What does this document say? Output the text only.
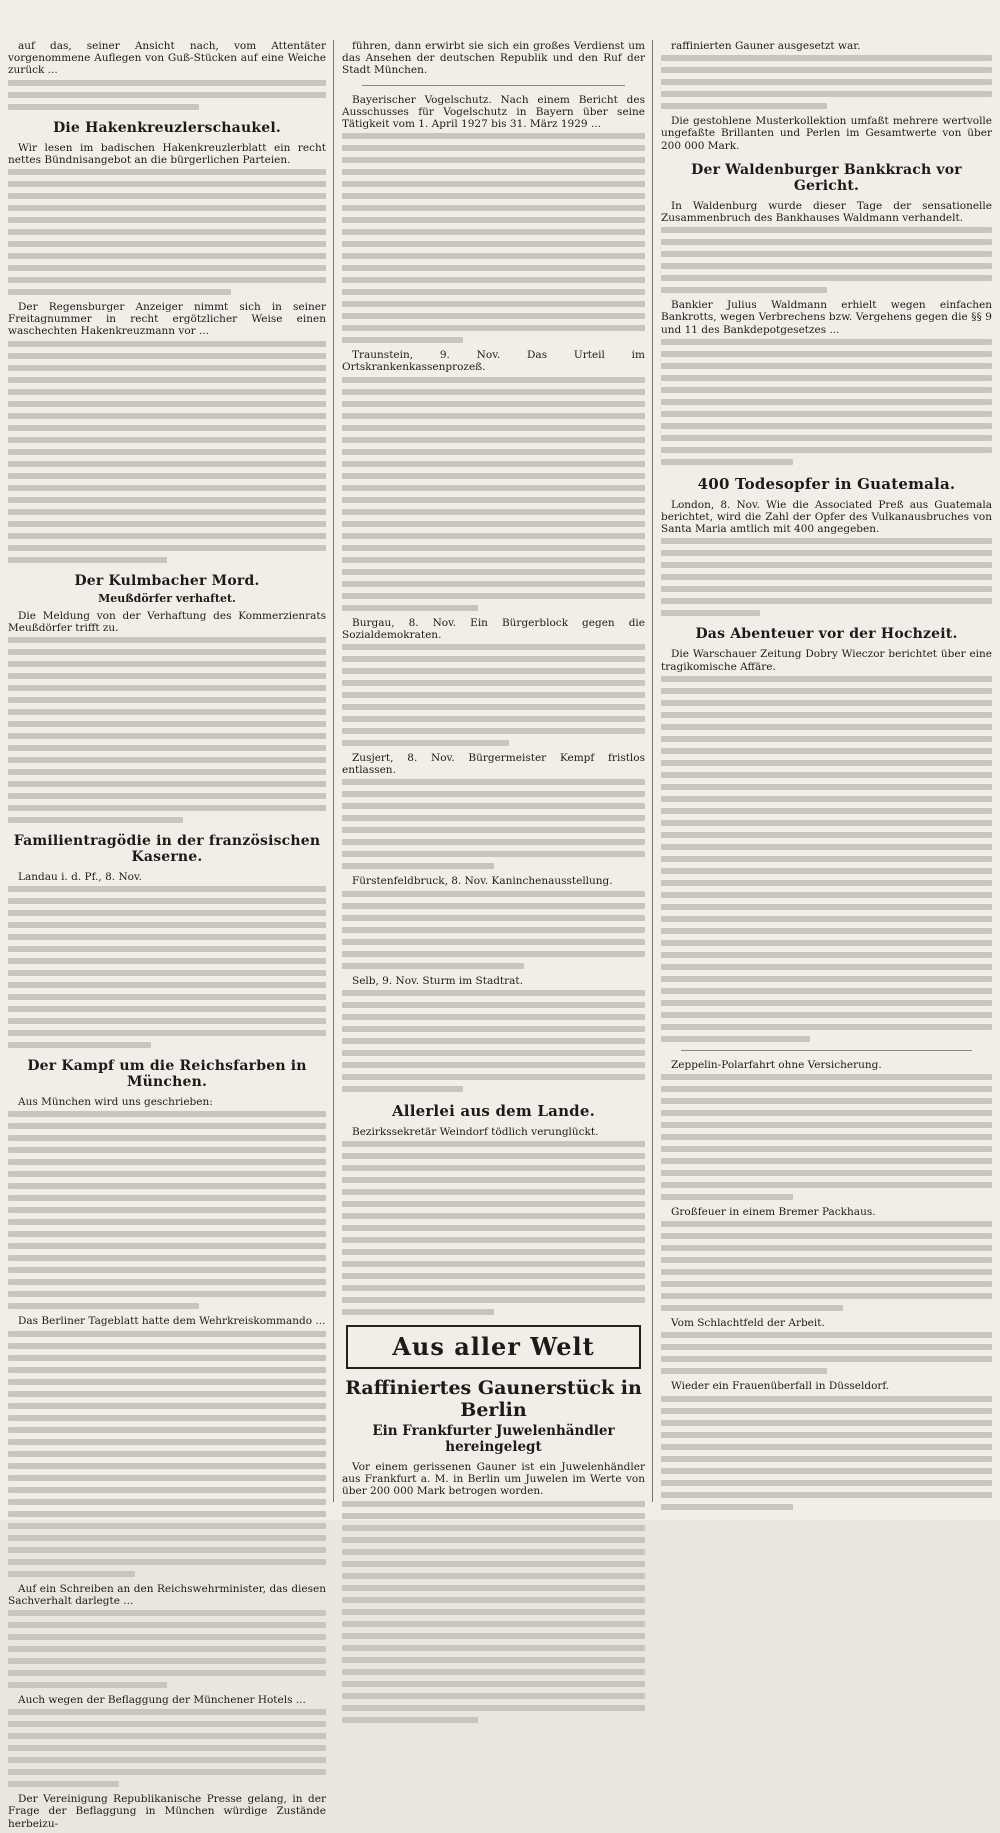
auf das, seiner Ansicht nach, vom Attentäter vorgenommene Auflegen von Guß-Stücken auf eine Weiche zurück ...

Die Hakenkreuzlerschaukel.

Wir lesen im badischen Hakenkreuzlerblatt ein recht nettes Bündnisangebot an die bürgerlichen Parteien.

Der Regensburger Anzeiger nimmt sich in seiner Freitagnummer in recht ergötzlicher Weise einen waschechten Hakenkreuzmann vor ...

Der Kulmbacher Mord.
Meußdörfer verhaftet.

Die Meldung von der Verhaftung des Kommerzienrats Meußdörfer trifft zu.

Familientragödie in der französischen Kaserne.

Landau i. d. Pf., 8. Nov.

Der Kampf um die Reichsfarben in München.

Aus München wird uns geschrieben:

Das Berliner Tageblatt hatte dem Wehrkreiskommando ...

Auf ein Schreiben an den Reichswehrminister, das diesen Sachverhalt darlegte ...

Auch wegen der Beflaggung der Münchener Hotels ...

Der Vereinigung Republikanische Presse gelang, in der Frage der Beflaggung in München würdige Zustände herbeizu-

führen, dann erwirbt sie sich ein großes Verdienst um das Ansehen der deutschen Republik und den Ruf der Stadt München.

Bayerischer Vogelschutz. Nach einem Bericht des Ausschusses für Vogelschutz in Bayern über seine Tätigkeit vom 1. April 1927 bis 31. März 1929 ...

Traunstein, 9. Nov. Das Urteil im Ortskrankenkassenprozeß.

Burgau, 8. Nov. Ein Bürgerblock gegen die Sozialdemokraten.

Zusjert, 8. Nov. Bürgermeister Kempf fristlos entlassen.

Fürstenfeldbruck, 8. Nov. Kaninchenausstellung.

Selb, 9. Nov. Sturm im Stadtrat.

Allerlei aus dem Lande.

Bezirkssekretär Weindorf tödlich verunglückt.

Aus aller Welt
Raffiniertes Gaunerstück in Berlin
Ein Frankfurter Juwelenhändler hereingelegt

Vor einem gerissenen Gauner ist ein Juwelenhändler aus Frankfurt a. M. in Berlin um Juwelen im Werte von über 200 000 Mark betrogen worden.

raffinierten Gauner ausgesetzt war.

Die gestohlene Musterkollektion umfaßt mehrere wertvolle ungefaßte Brillanten und Perlen im Gesamtwerte von über 200 000 Mark.

Der Waldenburger Bankkrach vor Gericht.

In Waldenburg wurde dieser Tage der sensationelle Zusammenbruch des Bankhauses Waldmann verhandelt.

Bankier Julius Waldmann erhielt wegen einfachen Bankrotts, wegen Verbrechens bzw. Vergehens gegen die §§ 9 und 11 des Bankdepotgesetzes ...

400 Todesopfer in Guatemala.

London, 8. Nov. Wie die Associated Preß aus Guatemala berichtet, wird die Zahl der Opfer des Vulkanausbruches von Santa Maria amtlich mit 400 angegeben.

Das Abenteuer vor der Hochzeit.

Die Warschauer Zeitung Dobry Wieczor berichtet über eine tragikomische Affäre.

Zeppelin-Polarfahrt ohne Versicherung.

Großfeuer in einem Bremer Packhaus.

Vom Schlachtfeld der Arbeit.

Wieder ein Frauenüberfall in Düsseldorf.
